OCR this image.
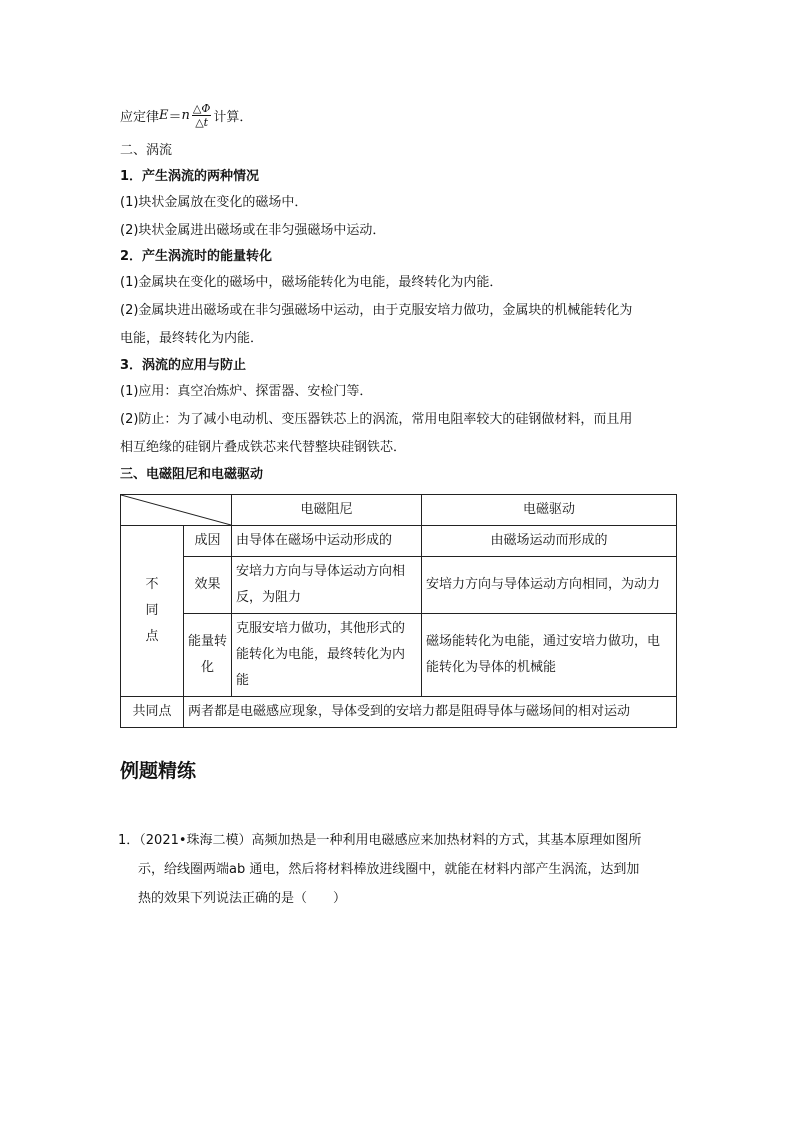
应定律 E ＝ n $\frac{\triangle\Phi}{\triangle t}$ 计算．
二、涡流
1．产生涡流的两种情况
(1)块状金属放在变化的磁场中．
(2)块状金属进出磁场或在非匀强磁场中运动．
2．产生涡流时的能量转化
(1)金属块在变化的磁场中，磁场能转化为电能，最终转化为内能．
(2)金属块进出磁场或在非匀强磁场中运动，由于克服安培力做功，金属块的机械能转化为
电能，最终转化为内能．
3．涡流的应用与防止
(1)应用：真空冶炼炉、探雷器、安检门等．
(2)防止：为了减小电动机、变压器铁芯上的涡流，常用电阻率较大的硅钢做材料，而且用
相互绝缘的硅钢片叠成铁芯来代替整块硅钢铁芯．
三、电磁阻尼和电磁驱动
	电磁阻尼	电磁驱动

不
同
点	成因	由导体在磁场中运动形成的	由磁场运动而形成的
	效果	安培力方向与导体运动方向相反，为阻力	安培力方向与导体运动方向相同，为动力
	能量转化	克服安培力做功，其他形式的能转化为电能，最终转化为内能	磁场能转化为电能，通过安培力做功，电能转化为导体的机械能
共同点	两者都是电磁感应现象，导体受到的安培力都是阻碍导体与磁场间的相对运动		
例题精练
1．（2021•珠海二模）高频加热是一种利用电磁感应来加热材料的方式，其基本原理如图所
示，给线圈两端ab 通电，然后将材料棒放进线圈中，就能在材料内部产生涡流，达到加
热的效果下列说法正确的是（　　）
